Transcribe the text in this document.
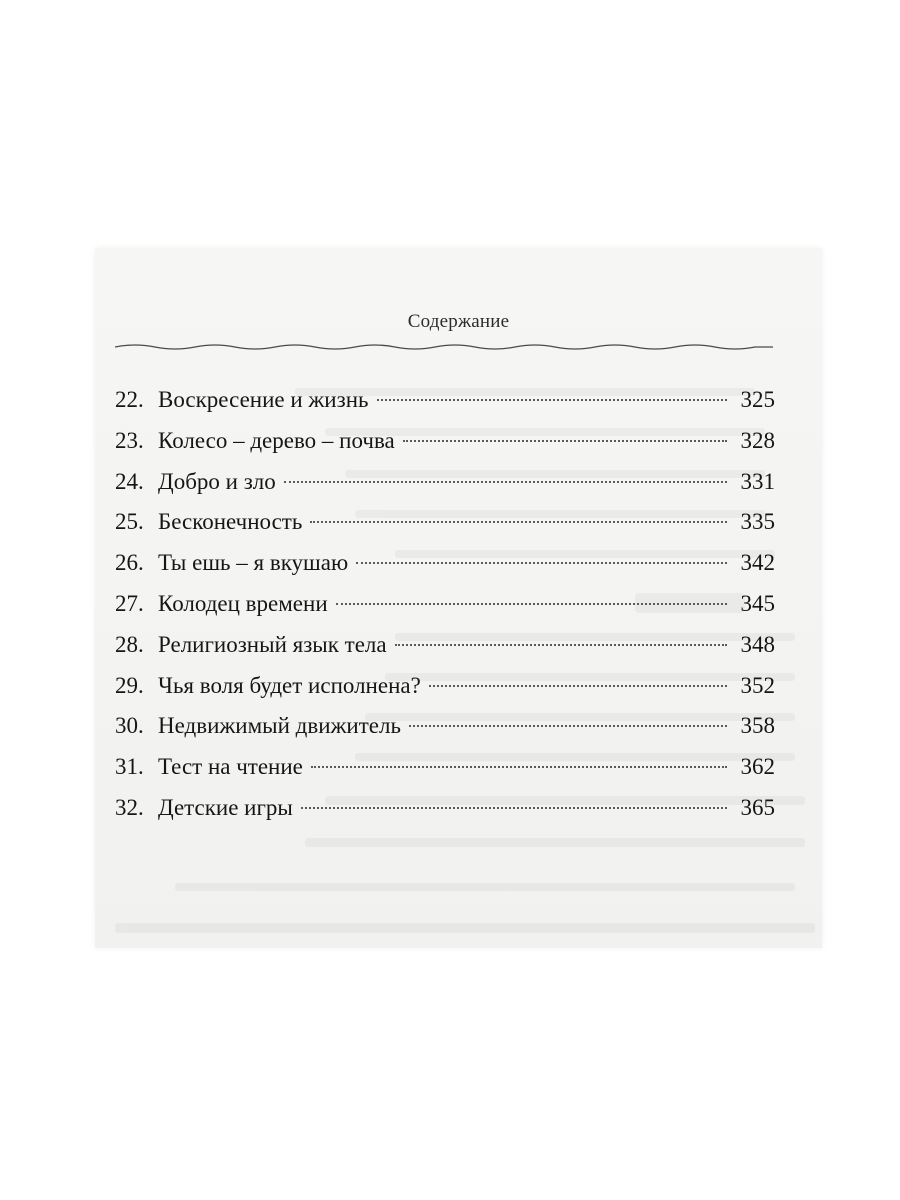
Содержание
22. Воскресение и жизнь	325
23. Колесо – дерево – почва	328
24. Добро и зло	331
25. Бесконечность	335
26. Ты ешь – я вкушаю	342
27. Колодец времени	345
28. Религиозный язык тела	348
29. Чья воля будет исполнена?	352
30. Недвижимый движитель	358
31. Тест на чтение	362
32. Детские игры	365
